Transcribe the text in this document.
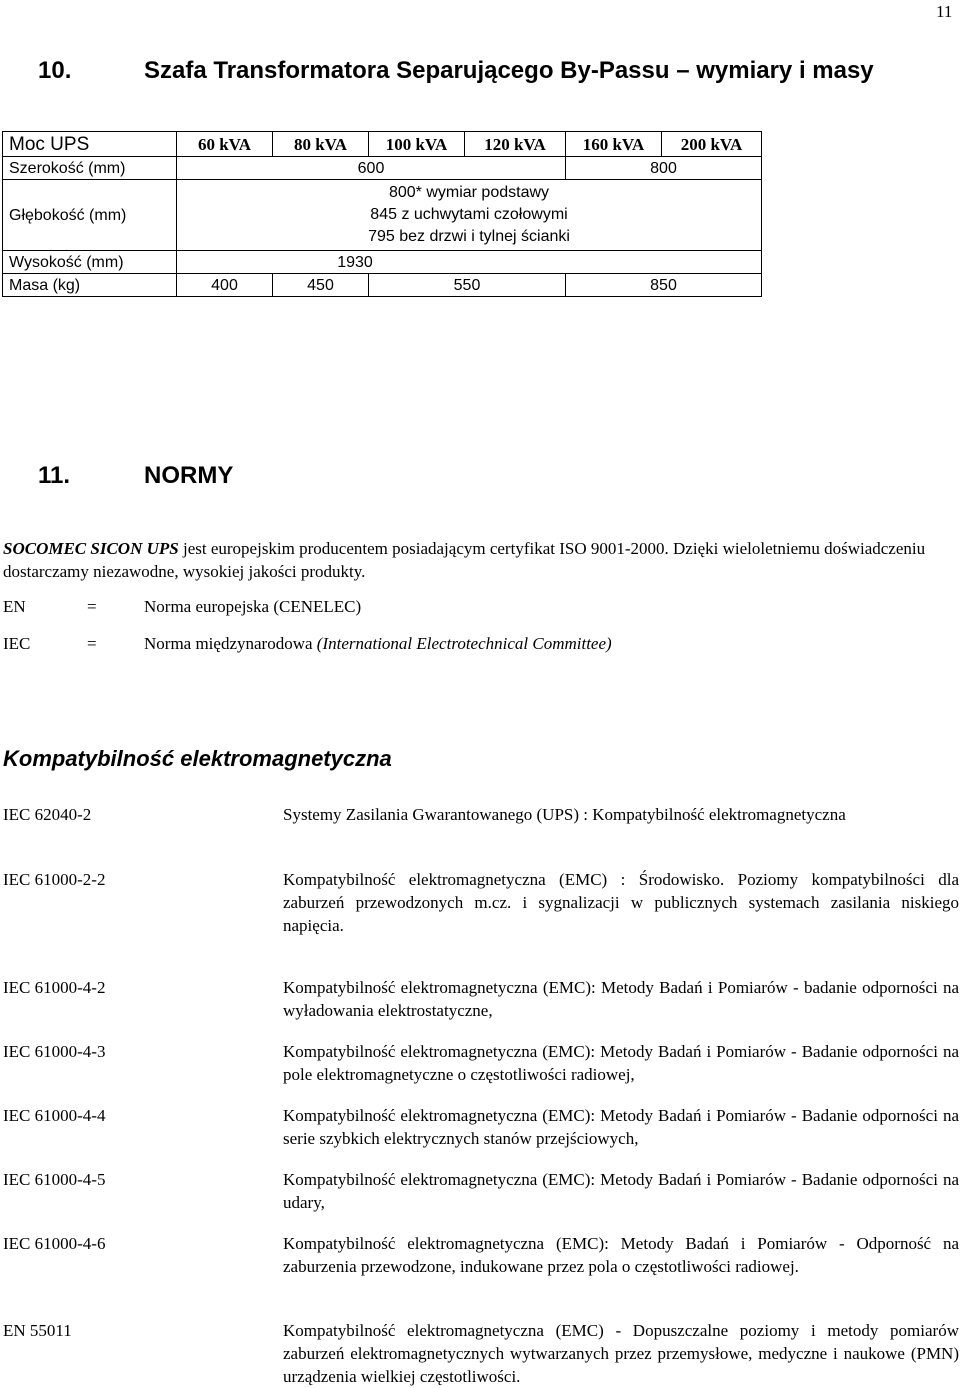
11
10.	Szafa Transformatora Separującego By-Passu – wymiary i masy
Moc UPS	60 kVA	80 kVA	100 kVA	120 kVA	160 kVA	200 kVA
Szerokość (mm)	600				800	
Głębokość (mm)	800* wymiar podstawy
845 z uchwytami czołowymi
795 bez drzwi i tylnej ścianki					

Wysokość (mm)	1930					
Masa (kg)	400	450	550		850	
11.	NORMY
SOCOMEC SICON UPS jest europejskim producentem posiadającym certyfikat ISO 9001-2000. Dzięki wieloletniemu doświadczeniu dostarczamy niezawodne, wysokiej jakości produkty.
EN	=	Norma europejska (CENELEC)
IEC	=	Norma międzynarodowa (International Electrotechnical Committee)
Kompatybilność elektromagnetyczna
IEC 62040-2	Systemy Zasilania Gwarantowanego (UPS) : Kompatybilność elektromagnetyczna
IEC 61000-2-2	Kompatybilność elektromagnetyczna (EMC) : Środowisko. Poziomy kompatybilności dla zaburzeń przewodzonych m.cz. i sygnalizacji w publicznych systemach zasilania niskiego napięcia.
IEC 61000-4-2	Kompatybilność elektromagnetyczna (EMC): Metody Badań i Pomiarów - badanie odporności na wyładowania elektrostatyczne,
IEC 61000-4-3	Kompatybilność elektromagnetyczna (EMC): Metody Badań i Pomiarów - Badanie odporności na pole elektromagnetyczne o częstotliwości radiowej,
IEC 61000-4-4	Kompatybilność elektromagnetyczna (EMC): Metody Badań i Pomiarów - Badanie odporności na serie szybkich elektrycznych stanów przejściowych,
IEC 61000-4-5	Kompatybilność elektromagnetyczna (EMC): Metody Badań i Pomiarów - Badanie odporności na udary,
IEC 61000-4-6	Kompatybilność elektromagnetyczna (EMC): Metody Badań i Pomiarów - Odporność na zaburzenia przewodzone, indukowane przez pola o częstotliwości radiowej.
EN 55011	Kompatybilność elektromagnetyczna (EMC) - Dopuszczalne poziomy i metody pomiarów zaburzeń elektromagnetycznych wytwarzanych przez przemysłowe, medyczne i naukowe (PMN) urządzenia wielkiej częstotliwości.
